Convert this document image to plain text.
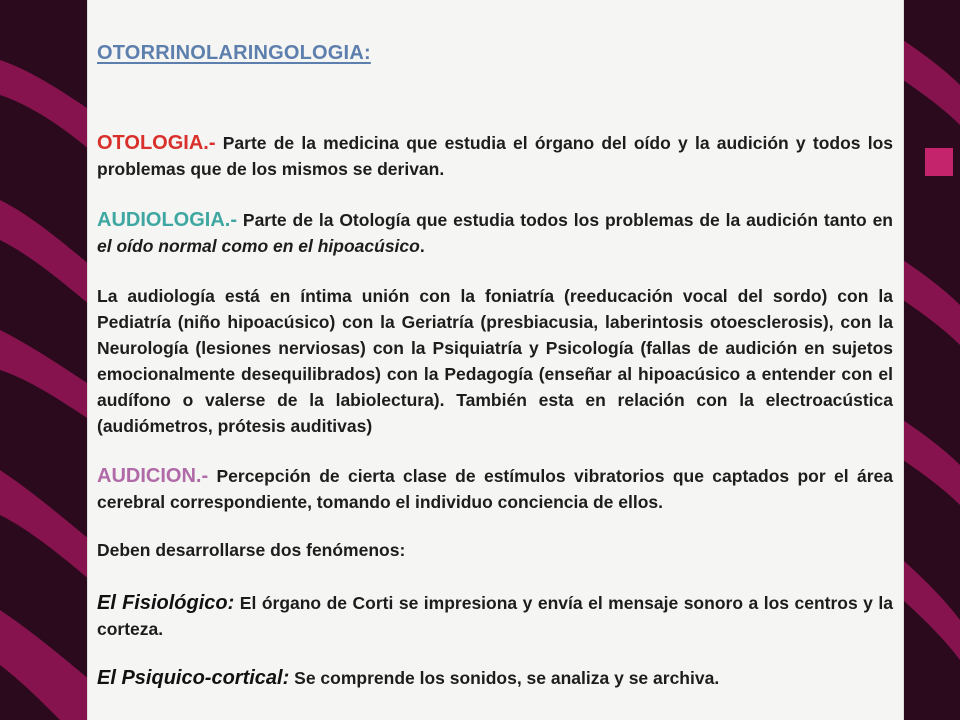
OTORRINOLARINGOLOGIA:
OTOLOGIA.- Parte de la medicina que estudia el órgano del oído y la audición y todos los problemas que de los mismos se derivan.
AUDIOLOGIA.- Parte de la Otología que estudia todos los problemas de la audición tanto en el oído normal como en el hipoacúsico.
La audiología está en íntima unión con la foniatría (reeducación vocal del sordo) con la Pediatría (niño hipoacúsico) con la Geriatría (presbiacusia, laberintosis otoesclerosis), con la Neurología (lesiones nerviosas) con la Psiquiatría y Psicología (fallas de audición en sujetos emocionalmente desequilibrados) con la Pedagogía (enseñar al hipoacúsico a entender con el audífono o valerse de la labiolectura). También esta en relación con la electroacústica (audiómetros, prótesis auditivas)
AUDICION.- Percepción de cierta clase de estímulos vibratorios que captados por el área cerebral correspondiente, tomando el individuo conciencia de ellos.
Deben desarrollarse dos fenómenos:
El Fisiológico: El órgano de Corti se impresiona y envía el mensaje sonoro a los centros y la corteza.
El Psiquico-cortical: Se comprende los sonidos, se analiza y se archiva.
